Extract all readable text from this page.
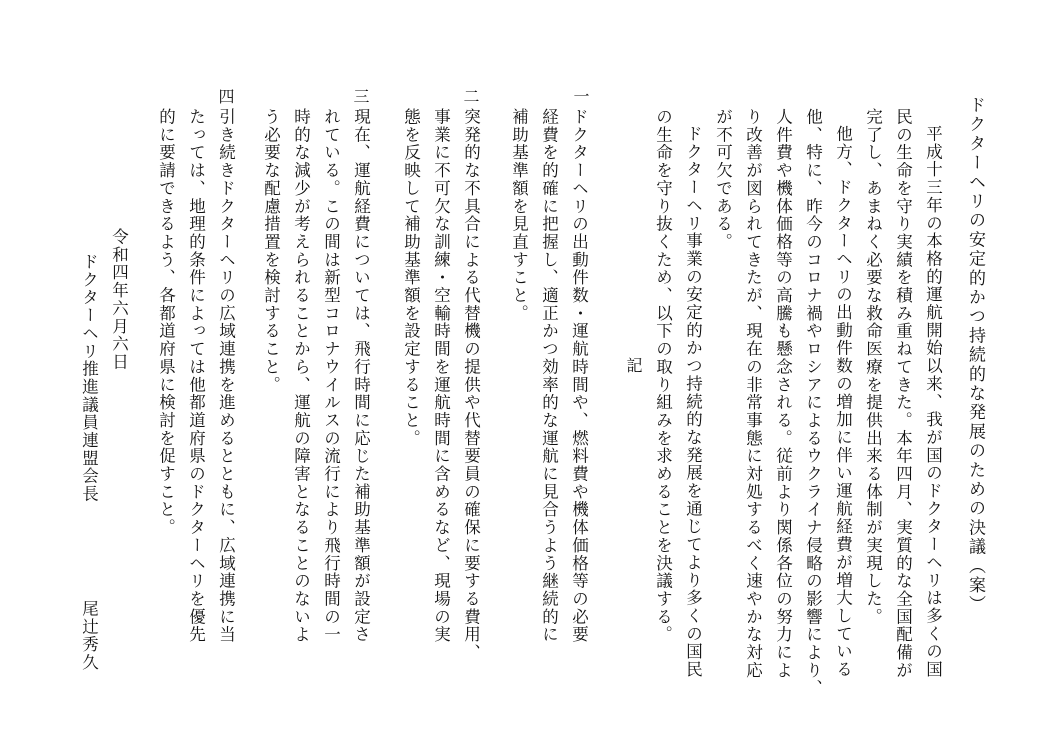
ドクターヘリの安定的かつ持続的な発展のための決議（案）
平成十三年の本格的運航開始以来、我が国のドクターヘリは多くの国
民の生命を守り実績を積み重ねてきた。本年四月、実質的な全国配備が
完了し、あまねく必要な救命医療を提供出来る体制が実現した。
他方、ドクターヘリの出動件数の増加に伴い運航経費が増大している
他、特に、昨今のコロナ禍やロシアによるウクライナ侵略の影響により、
人件費や機体価格等の高騰も懸念される。従前より関係各位の努力によ
り改善が図られてきたが、現在の非常事態に対処するべく速やかな対応
が不可欠である。
ドクターヘリ事業の安定的かつ持続的な発展を通じてより多くの国民
の生命を守り抜くため、以下の取り組みを求めることを決議する。
記
一
ドクターヘリの出動件数・運航時間や、燃料費や機体価格等の必要
経費を的確に把握し、適正かつ効率的な運航に見合うよう継続的に
補助基準額を見直すこと。
二
突発的な不具合による代替機の提供や代替要員の確保に要する費用、
事業に不可欠な訓練・空輸時間を運航時間に含めるなど、現場の実
態を反映して補助基準額を設定すること。
三
現在、運航経費については、飛行時間に応じた補助基準額が設定さ
れている。この間は新型コロナウイルスの流行により飛行時間の一
時的な減少が考えられることから、運航の障害となることのないよ
う必要な配慮措置を検討すること。
四
引き続きドクターヘリの広域連携を進めるとともに、広域連携に当
たっては、地理的条件によっては他都道府県のドクターヘリを優先
的に要請できるよう、各都道府県に検討を促すこと。
令和四年六月六日
ドクターヘリ推進議員連盟会長
尾辻秀久
